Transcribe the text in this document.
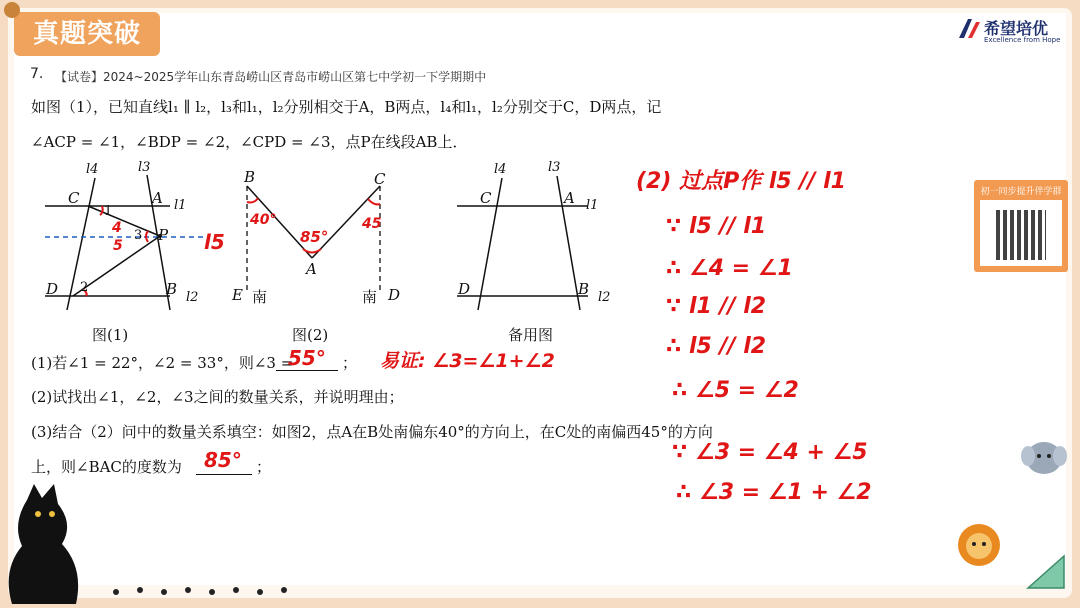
真题突破	希望培优
Excellence from Hope
7. 【试卷】2024~2025学年山东青岛崂山区青岛市崂山区第七中学初一下学期期中
如图（1），已知直线l₁ ∥ l₂，l₃和l₁，l₂分别相交于A，B两点，l₄和l₁，l₂分别交于C，D两点，记
∠ACP = ∠1，∠BDP = ∠2，∠CPD = ∠3，点P在线段AB上．
l4	l3
C	A l1
1
3 P
D 2	B l2
4
5	l5
图(1)
B	C
A
E 南	南 D
40°
85°
45
图(2)
l4	l3
C	A l1
D	B l2
备用图
(1)若∠1 = 22°，∠2 = 33°，则∠3 =
55° ； 易证: ∠3=∠1+∠2
(2)试找出∠1，∠2，∠3之间的数量关系，并说明理由；
(3)结合（2）问中的数量关系填空：如图2，点A在B处南偏东40°的方向上，在C处的南偏西45°的方向
上，则∠BAC的度数为 85° ；
(2) 过点P作 l5 // l1
∵ l5 // l1
∴ ∠4 = ∠1
∵ l1 // l2
∴ l5 // l2
∴ ∠5 = ∠2
∵ ∠3 = ∠4 + ∠5
∴ ∠3 = ∠1 + ∠2
初一同步提升伴学群
